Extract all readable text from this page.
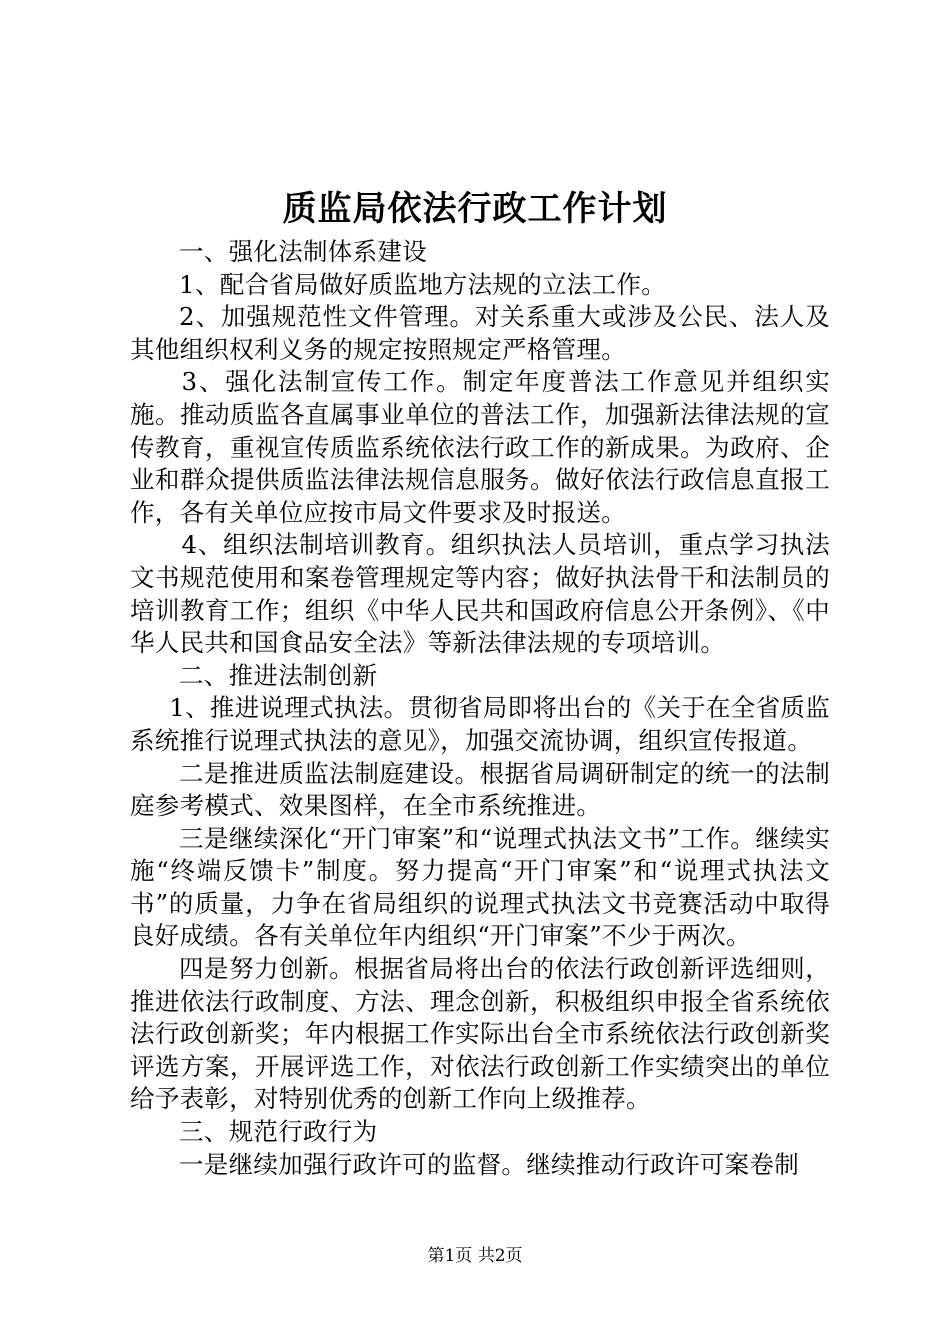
质监局依法行政工作计划

一、强化法制体系建设

1、配合省局做好质监地方法规的立法工作。

2、加强规范性文件管理。对关系重大或涉及公民、法人及其他组织权利义务的规定按照规定严格管理。

3、强化法制宣传工作。制定年度普法工作意见并组织实施。推动质监各直属事业单位的普法工作，加强新法律法规的宣传教育，重视宣传质监系统依法行政工作的新成果。为政府、企业和群众提供质监法律法规信息服务。做好依法行政信息直报工作，各有关单位应按市局文件要求及时报送。

4、组织法制培训教育。组织执法人员培训，重点学习执法文书规范使用和案卷管理规定等内容；做好执法骨干和法制员的培训教育工作；组织《中华人民共和国政府信息公开条例》、《中华人民共和国食品安全法》等新法律法规的专项培训。

二、推进法制创新

1、推进说理式执法。贯彻省局即将出台的《关于在全省质监系统推行说理式执法的意见》，加强交流协调，组织宣传报道。

二是推进质监法制庭建设。根据省局调研制定的统一的法制庭参考模式、效果图样，在全市系统推进。

三是继续深化“开门审案”和“说理式执法文书”工作。继续实施“终端反馈卡”制度。努力提高“开门审案”和“说理式执法文书”的质量，力争在省局组织的说理式执法文书竞赛活动中取得良好成绩。各有关单位年内组织“开门审案”不少于两次。

四是努力创新。根据省局将出台的依法行政创新评选细则，推进依法行政制度、方法、理念创新，积极组织申报全省系统依法行政创新奖；年内根据工作实际出台全市系统依法行政创新奖评选方案，开展评选工作，对依法行政创新工作实绩突出的单位给予表彰，对特别优秀的创新工作向上级推荐。

三、规范行政行为

一是继续加强行政许可的监督。继续推动行政许可案卷制

第1页 共2页
